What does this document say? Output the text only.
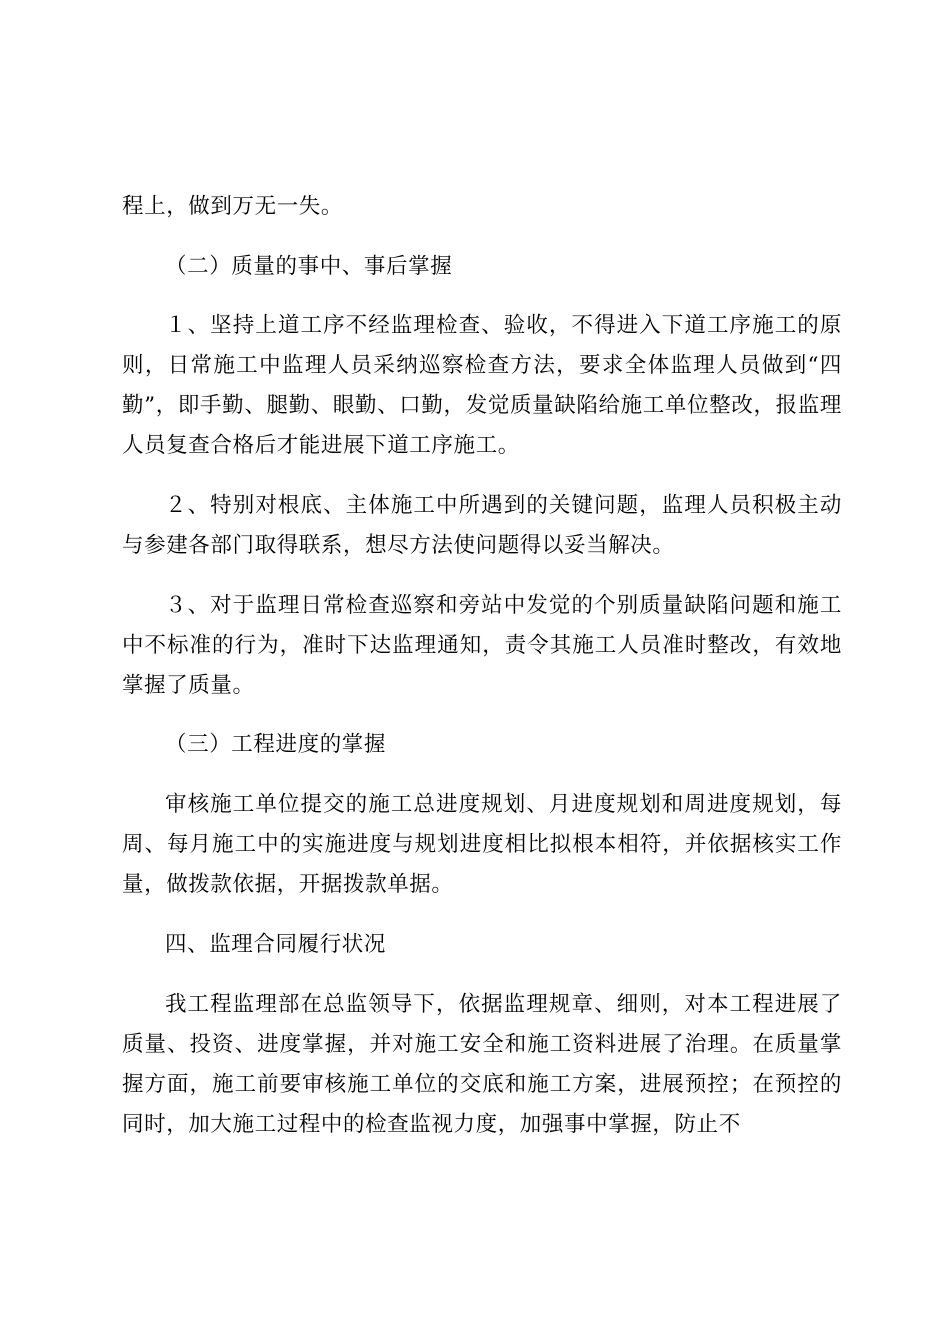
程上，做到万无一失。

（二）质量的事中、事后掌握

１、坚持上道工序不经监理检查、验收，不得进入下道工序施工的原则，日常施工中监理人员采纳巡察检查方法，要求全体监理人员做到“四勤”，即手勤、腿勤、眼勤、口勤，发觉质量缺陷给施工单位整改，报监理人员复查合格后才能进展下道工序施工。

２、特别对根底、主体施工中所遇到的关键问题，监理人员积极主动与参建各部门取得联系，想尽方法使问题得以妥当解决。

３、对于监理日常检查巡察和旁站中发觉的个别质量缺陷问题和施工中不标准的行为，准时下达监理通知，责令其施工人员准时整改，有效地掌握了质量。

（三）工程进度的掌握

审核施工单位提交的施工总进度规划、月进度规划和周进度规划，每周、每月施工中的实施进度与规划进度相比拟根本相符，并依据核实工作量，做拨款依据，开据拨款单据。

四、监理合同履行状况

我工程监理部在总监领导下，依据监理规章、细则，对本工程进展了质量、投资、进度掌握，并对施工安全和施工资料进展了治理。在质量掌握方面，施工前要审核施工单位的交底和施工方案，进展预控；在预控的同时，加大施工过程中的检查监视力度，加强事中掌握，防止不
